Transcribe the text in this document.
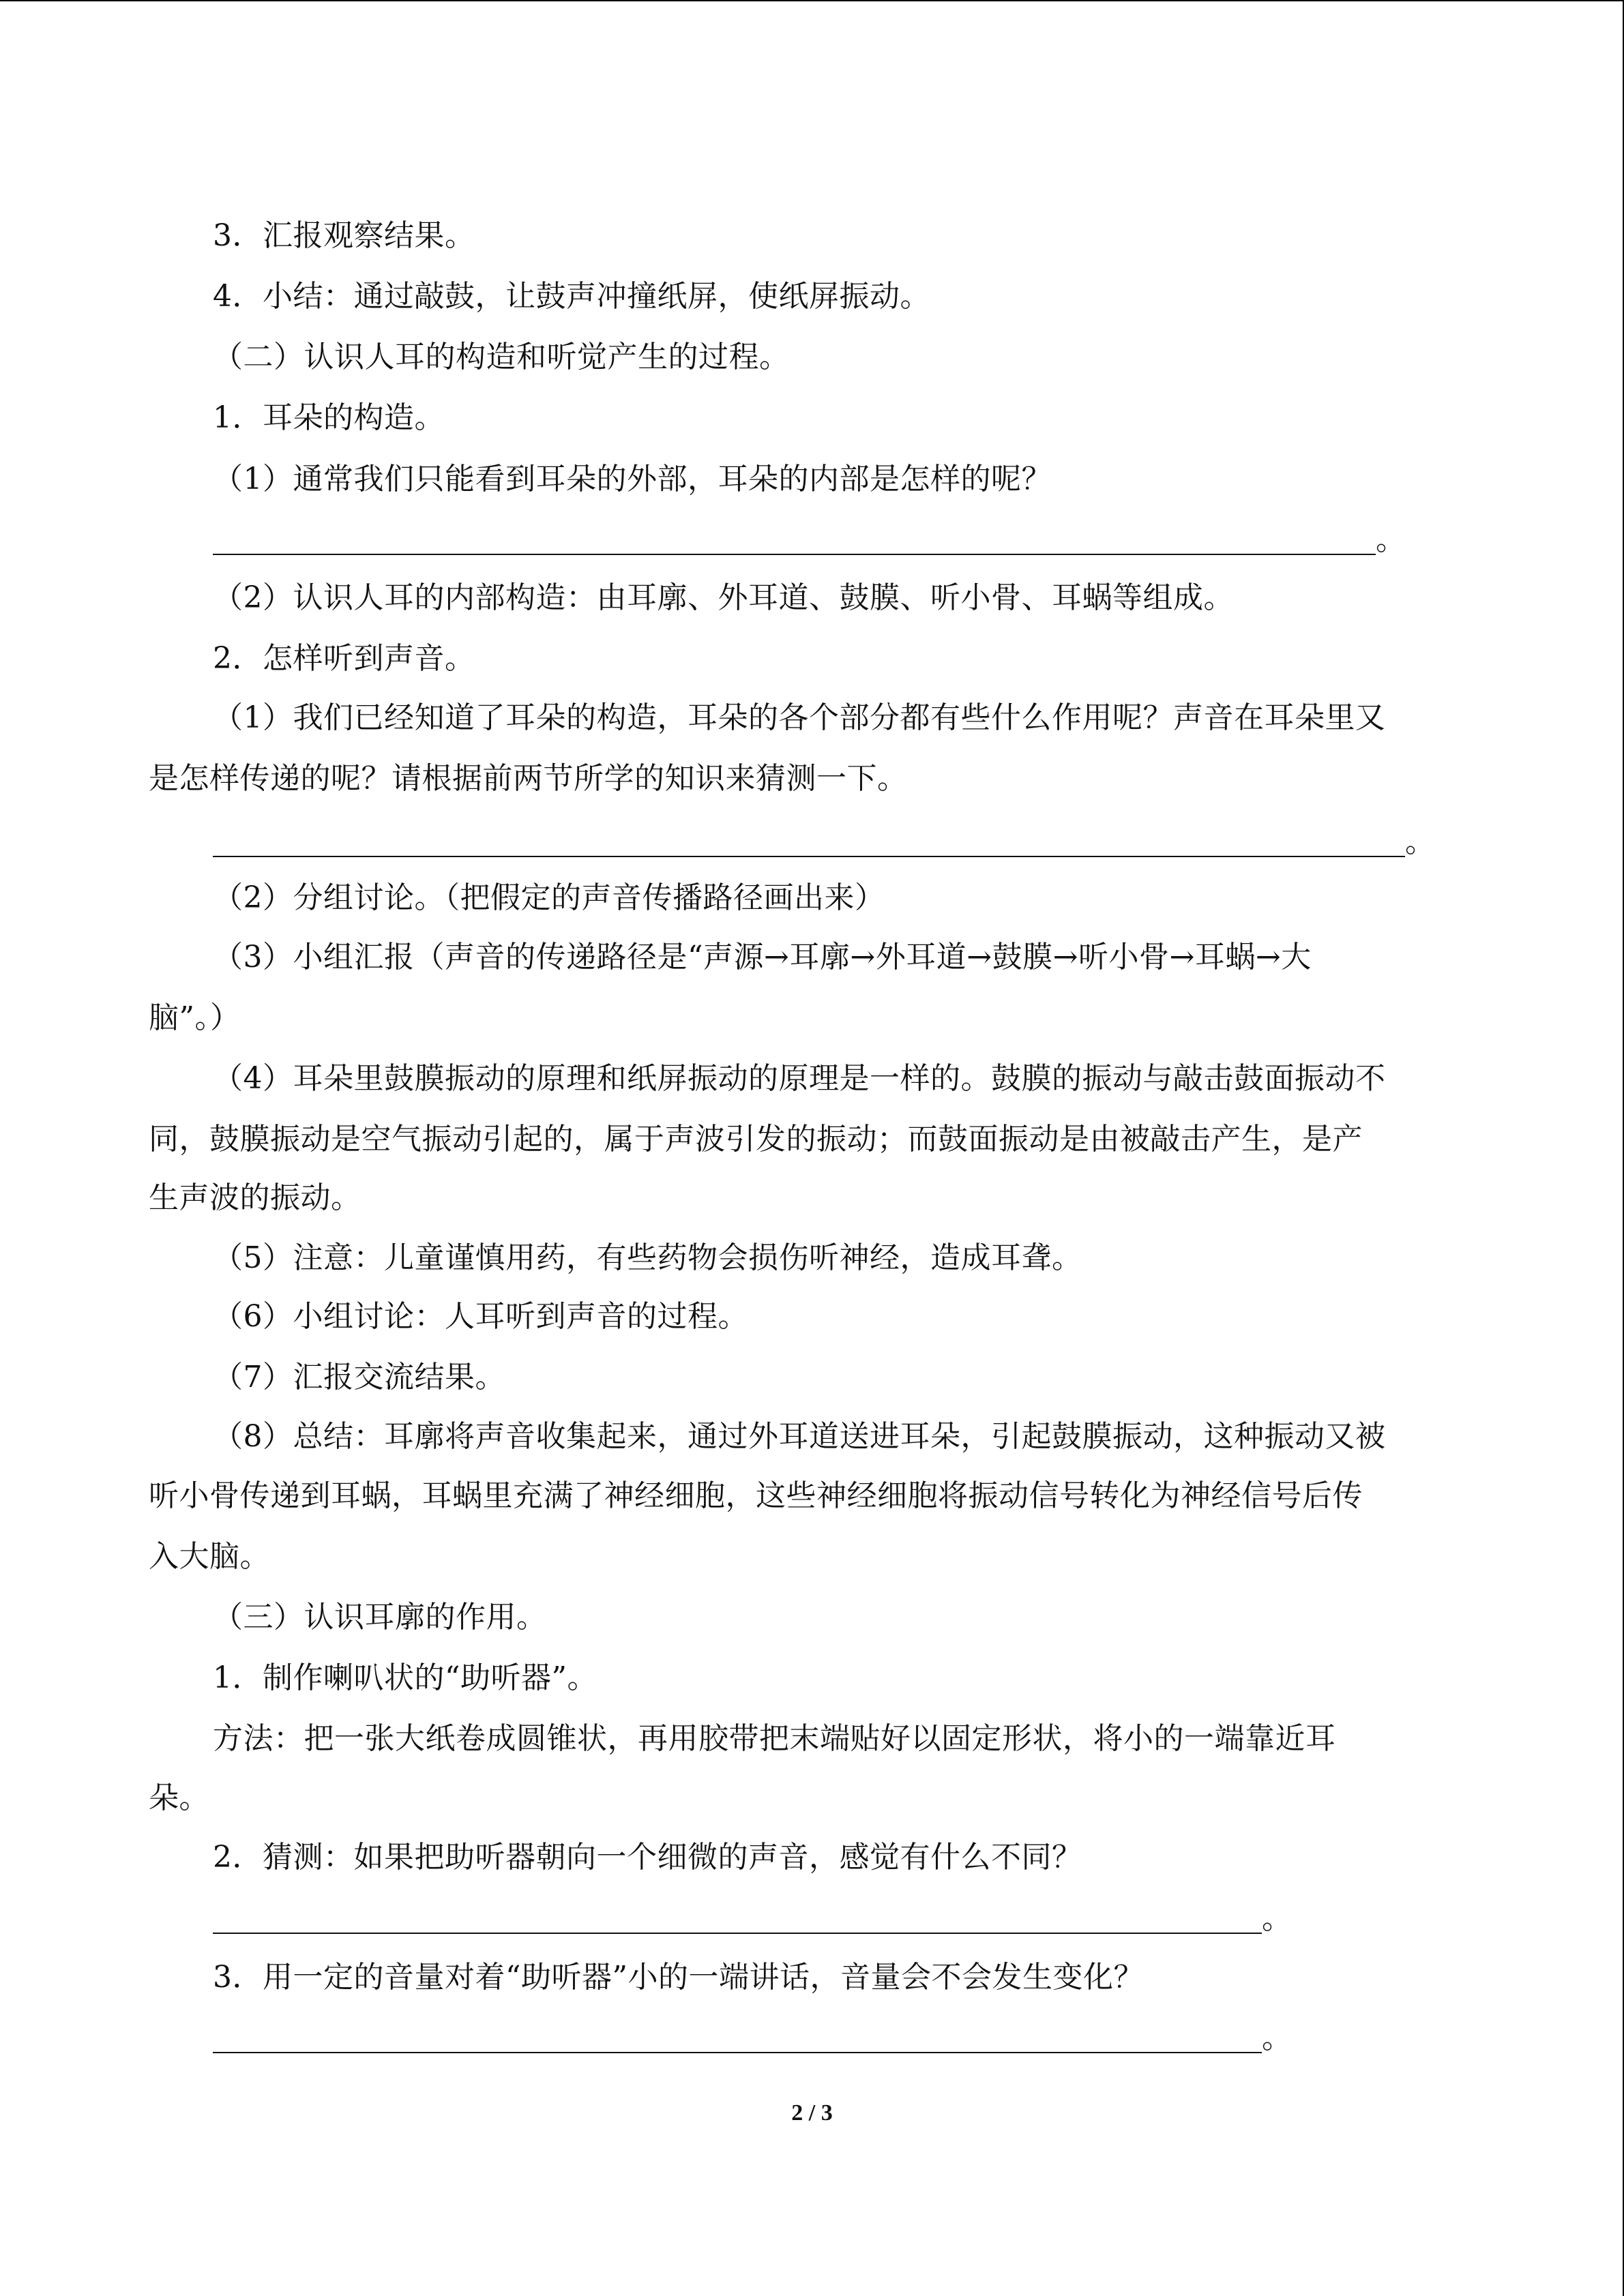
3．汇报观察结果。
4．小结：通过敲鼓，让鼓声冲撞纸屏，使纸屏振动。
（二）认识人耳的构造和听觉产生的过程。
1．耳朵的构造。
（1）通常我们只能看到耳朵的外部，耳朵的内部是怎样的呢？
。
（2）认识人耳的内部构造：由耳廓、外耳道、鼓膜、听小骨、耳蜗等组成。
2．怎样听到声音。
（1）我们已经知道了耳朵的构造，耳朵的各个部分都有些什么作用呢？声音在耳朵里又
是怎样传递的呢？请根据前两节所学的知识来猜测一下。
。
（2）分组讨论。（把假定的声音传播路径画出来）
（3）小组汇报（声音的传递路径是“声源→耳廓→外耳道→鼓膜→听小骨→耳蜗→大
脑”。）
（4）耳朵里鼓膜振动的原理和纸屏振动的原理是一样的。鼓膜的振动与敲击鼓面振动不
同，鼓膜振动是空气振动引起的，属于声波引发的振动；而鼓面振动是由被敲击产生，是产
生声波的振动。
（5）注意：儿童谨慎用药，有些药物会损伤听神经，造成耳聋。
（6）小组讨论：人耳听到声音的过程。
（7）汇报交流结果。
（8）总结：耳廓将声音收集起来，通过外耳道送进耳朵，引起鼓膜振动，这种振动又被
听小骨传递到耳蜗，耳蜗里充满了神经细胞，这些神经细胞将振动信号转化为神经信号后传
入大脑。
（三）认识耳廓的作用。
1．制作喇叭状的“助听器”。
方法：把一张大纸卷成圆锥状，再用胶带把末端贴好以固定形状，将小的一端靠近耳
朵。
2．猜测：如果把助听器朝向一个细微的声音，感觉有什么不同？
。
3．用一定的音量对着“助听器”小的一端讲话，音量会不会发生变化？
。
2 / 3
